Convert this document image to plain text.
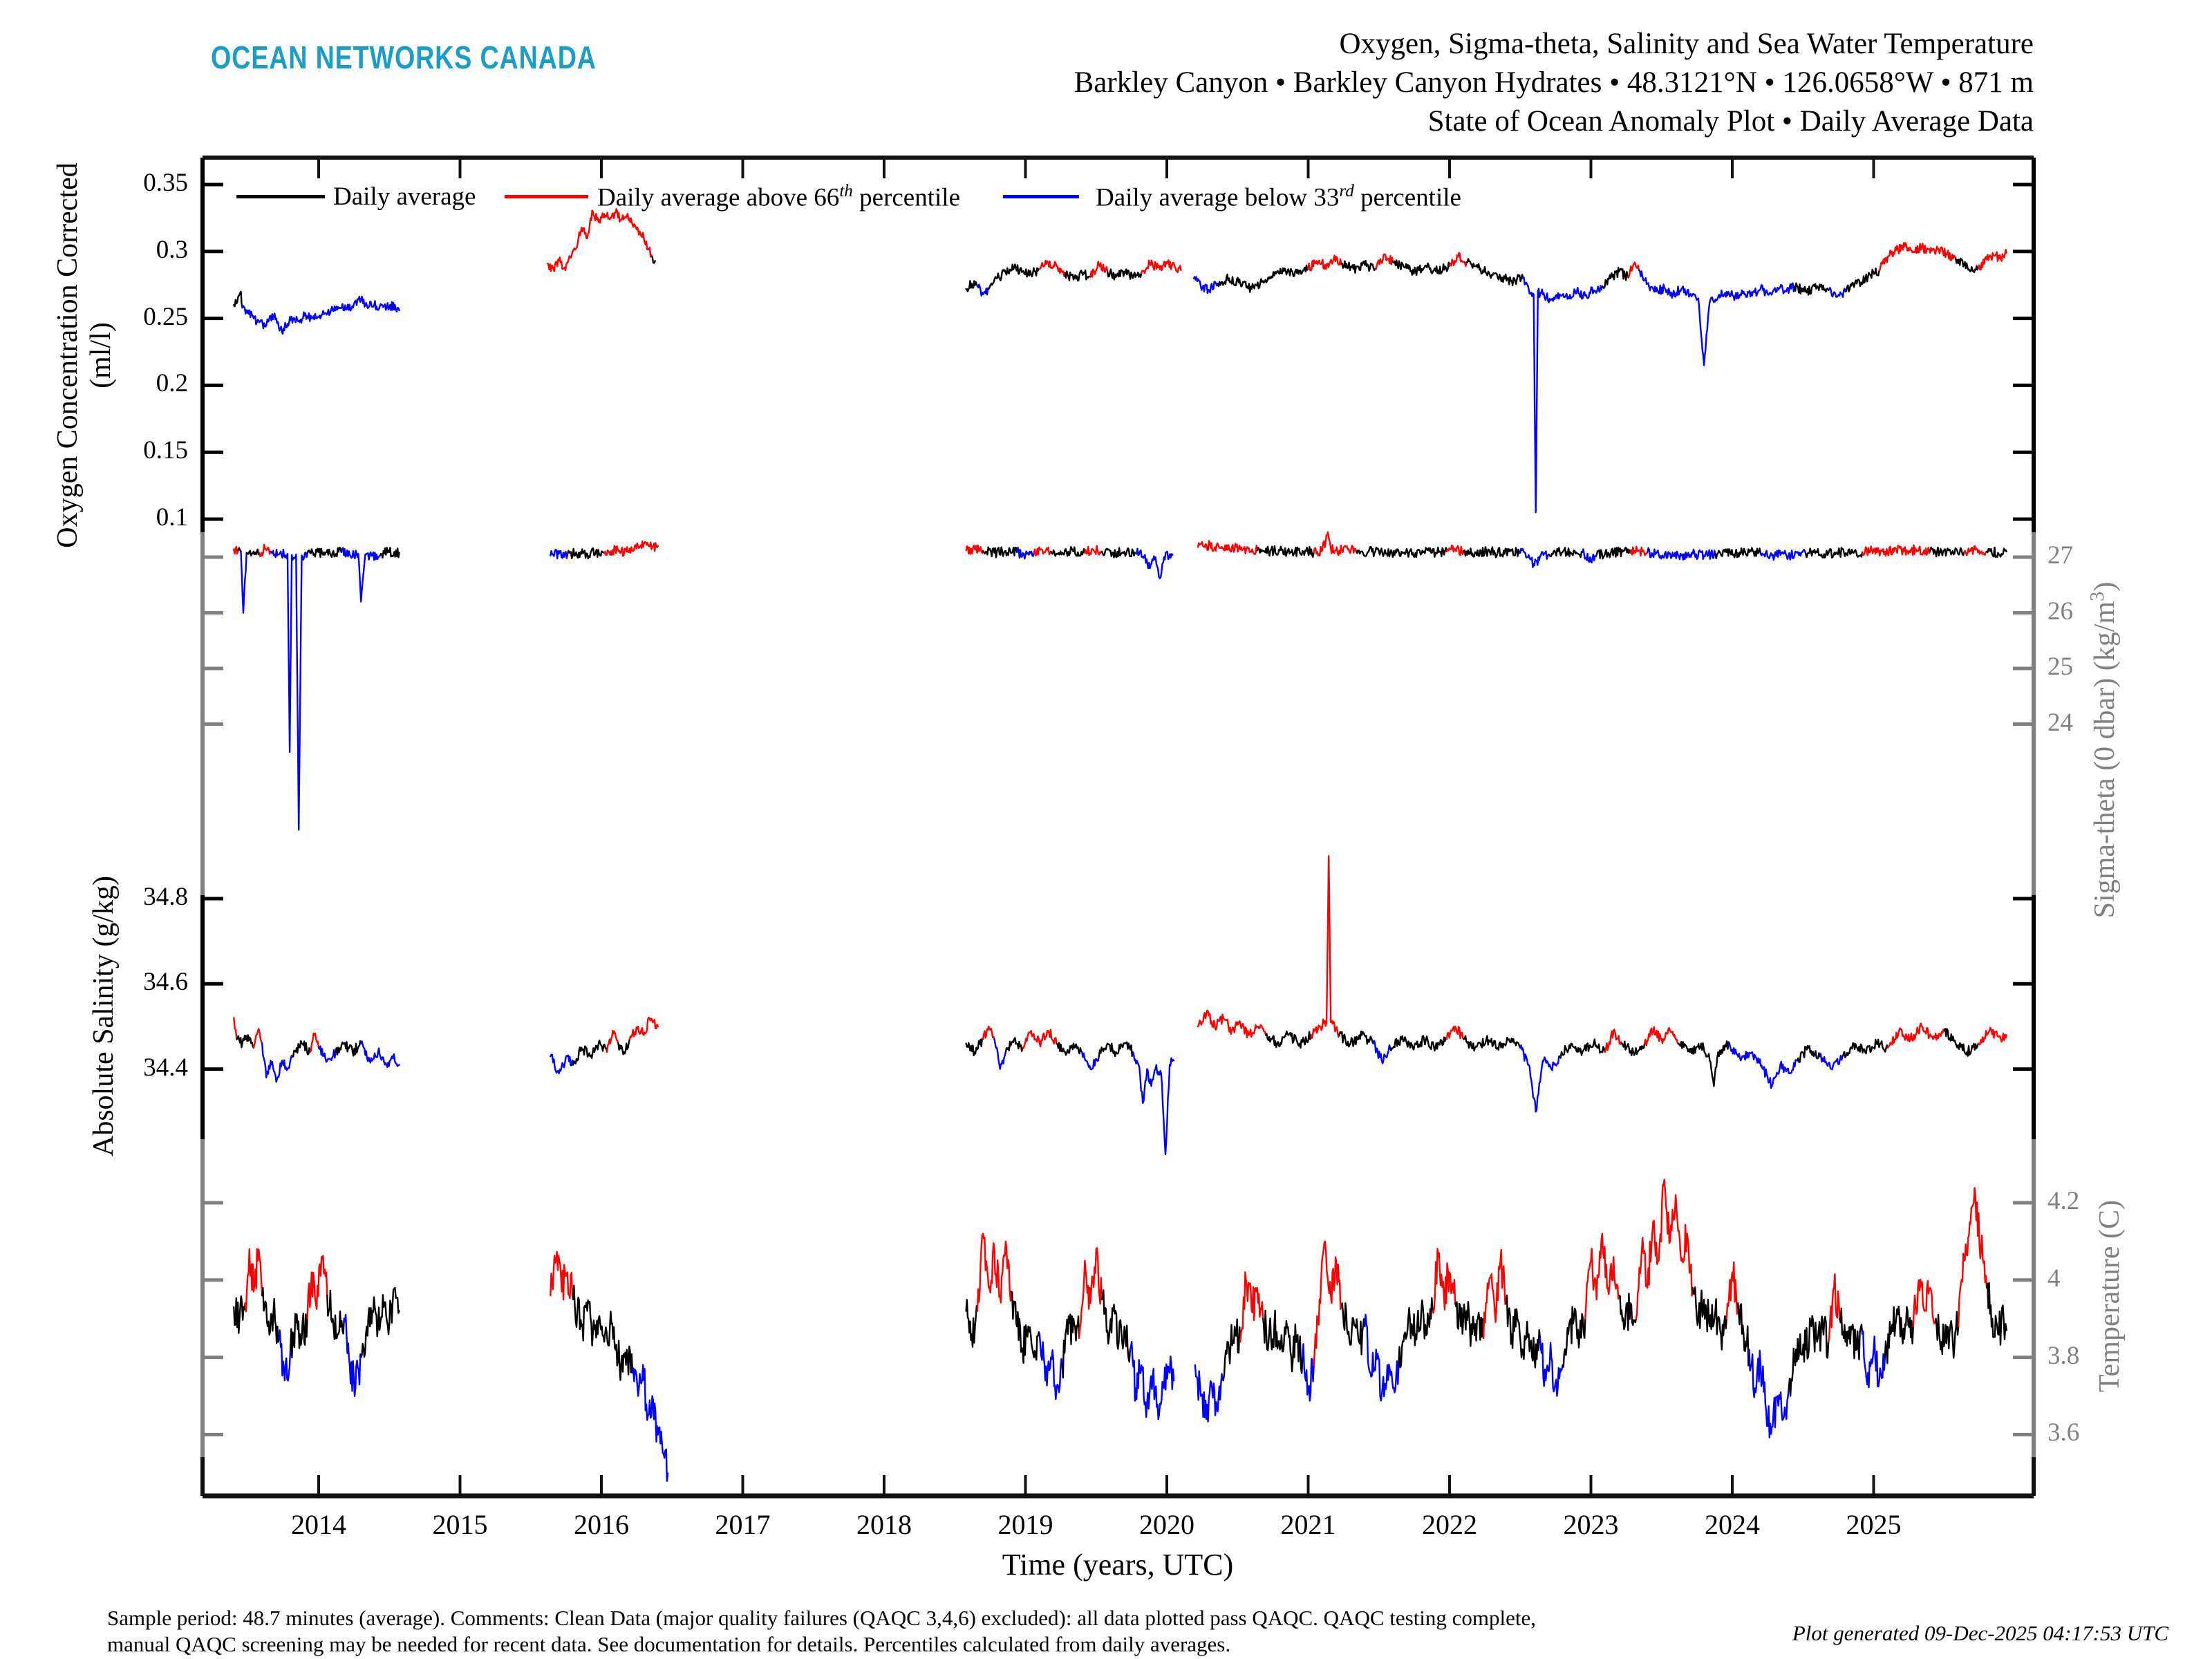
OCEAN NETWORKS CANADA	Oxygen, Sigma-theta, Salinity and Sea Water Temperature
Barkley Canyon • Barkley Canyon Hydrates • 48.3121°N • 126.0658°W • 871 m
State of Ocean Anomaly Plot • Daily Average Data
Daily average	Daily average above 66th percentile	Daily average below 33rd percentile
Oxygen Concentration Corrected (ml/l)
Absolute Salinity (g/kg)
Sigma-theta (0 dbar) $(kg/m^3)$
Temperature (C)
Time (years, UTC)
2014	2015	2016	2017	2018	2019	2020	2021	2022	2023	2024	2025
0.35
0.3
0.25
0.2
0.15
0.1
27
26
25
24
34.8
34.6
34.4
4.2
4
3.8
3.6
Sample period: 48.7 minutes (average). Comments: Clean Data (major quality failures (QAQC 3,4,6) excluded): all data plotted pass QAQC. QAQC testing complete,
manual QAQC screening may be needed for recent data. See documentation for details. Percentiles calculated from daily averages.	Plot generated 09-Dec-2025 04:17:53 UTC
